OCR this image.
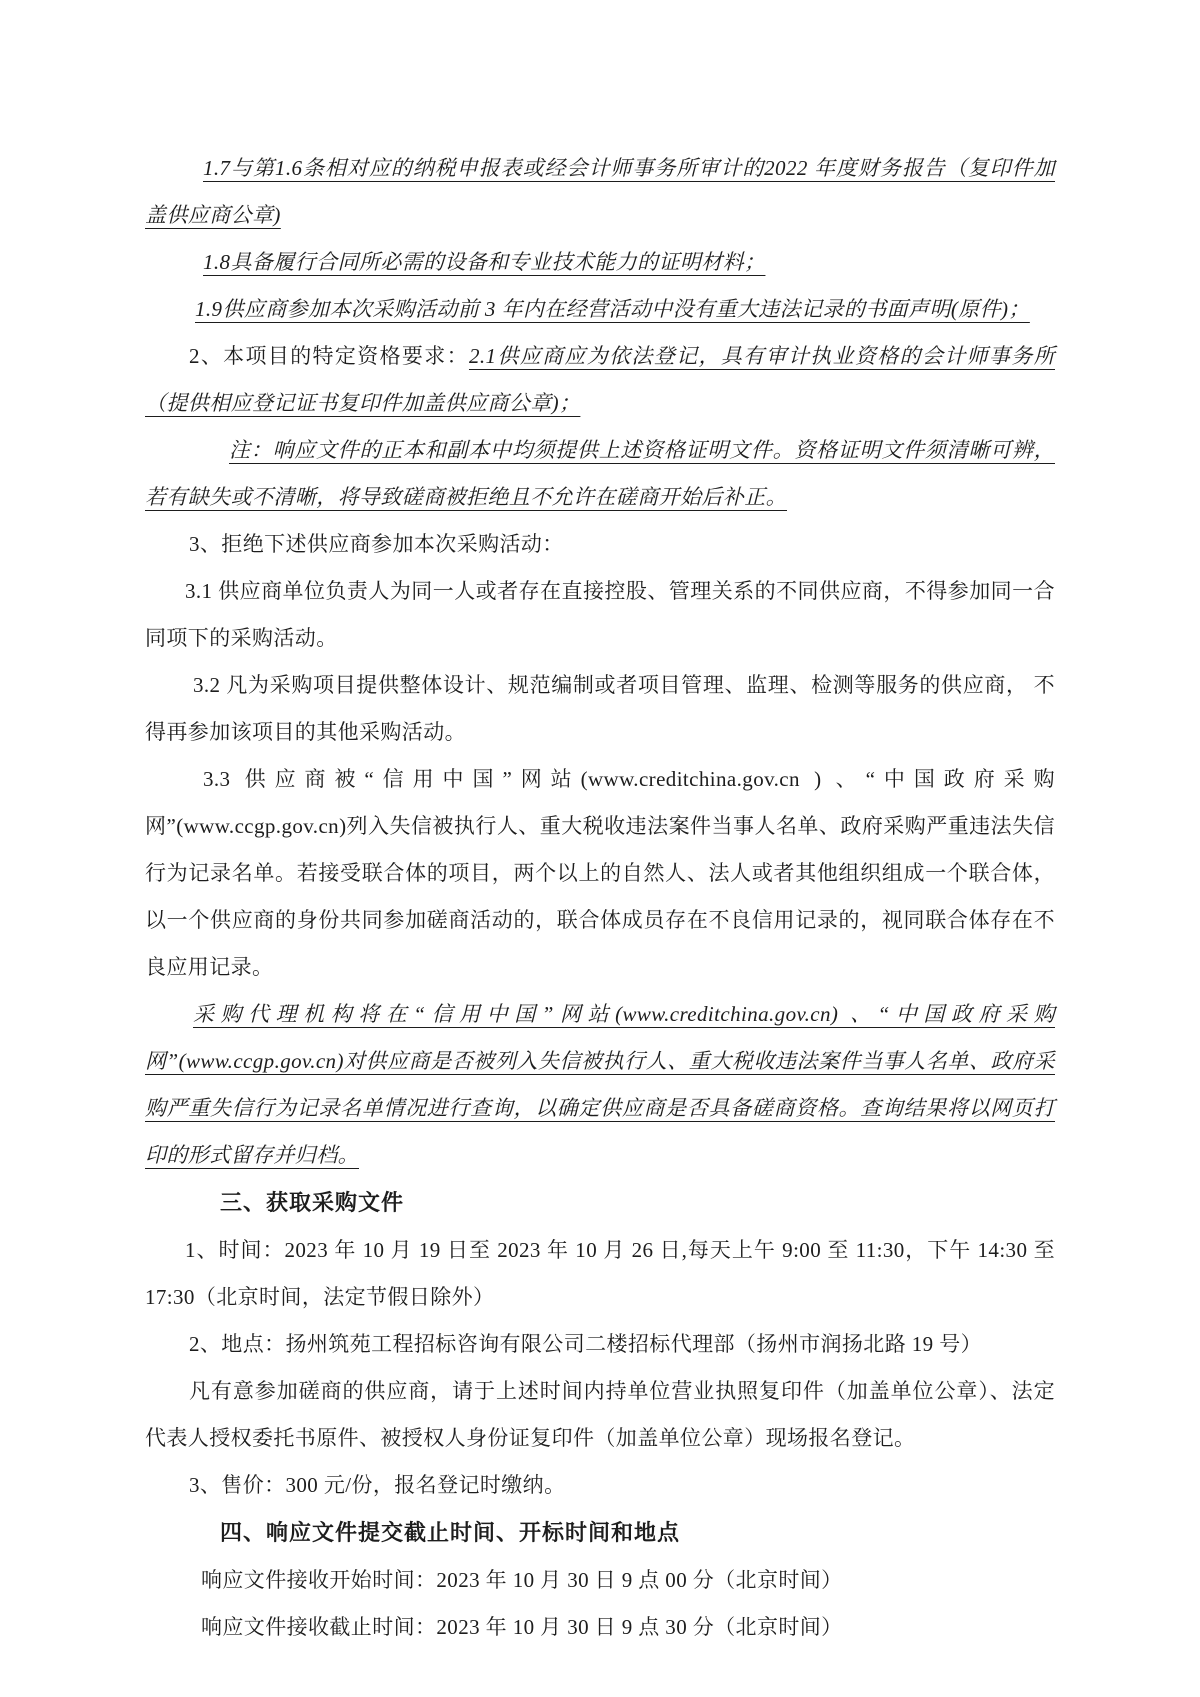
1.7与第1.6条相对应的纳税申报表或经会计师事务所审计的2022 年度财务报告（复印件加盖供应商公章)

1.8具备履行合同所必需的设备和专业技术能力的证明材料；

1.9供应商参加本次采购活动前 3 年内在经营活动中没有重大违法记录的书面声明(原件)；

2、本项目的特定资格要求：2.1供应商应为依法登记，具有审计执业资格的会计师事务所（提供相应登记证书复印件加盖供应商公章)；

注：响应文件的正本和副本中均须提供上述资格证明文件。资格证明文件须清晰可辨，若有缺失或不清晰，将导致磋商被拒绝且不允许在磋商开始后补正。

3、拒绝下述供应商参加本次采购活动：

3.1 供应商单位负责人为同一人或者存在直接控股、管理关系的不同供应商，不得参加同一合同项下的采购活动。

3.2 凡为采购项目提供整体设计、规范编制或者项目管理、监理、检测等服务的供应商， 不得再参加该项目的其他采购活动。

3.3 供应商被“信用中国”网站(www.creditchina.gov.cn ) 、“中国政府采购网”(www.ccgp.gov.cn)列入失信被执行人、重大税收违法案件当事人名单、政府采购严重违法失信行为记录名单。若接受联合体的项目，两个以上的自然人、法人或者其他组织组成一个联合体，以一个供应商的身份共同参加磋商活动的，联合体成员存在不良信用记录的，视同联合体存在不良应用记录。

采购代理机构将在“信用中国”网站(www.creditchina.gov.cn) 、“中国政府采购网”(www.ccgp.gov.cn)对供应商是否被列入失信被执行人、重大税收违法案件当事人名单、政府采购严重失信行为记录名单情况进行查询，以确定供应商是否具备磋商资格。查询结果将以网页打印的形式留存并归档。

三、获取采购文件

1、时间：2023 年 10 月 19 日至 2023 年 10 月 26 日,每天上午 9:00 至 11:30，下午 14:30 至 17:30（北京时间，法定节假日除外）

2、地点：扬州筑苑工程招标咨询有限公司二楼招标代理部（扬州市润扬北路 19 号）

凡有意参加磋商的供应商，请于上述时间内持单位营业执照复印件（加盖单位公章）、法定代表人授权委托书原件、被授权人身份证复印件（加盖单位公章）现场报名登记。

3、售价：300 元/份，报名登记时缴纳。

四、响应文件提交截止时间、开标时间和地点

响应文件接收开始时间：2023 年 10 月 30 日 9 点 00 分（北京时间）

响应文件接收截止时间：2023 年 10 月 30 日 9 点 30 分（北京时间）
